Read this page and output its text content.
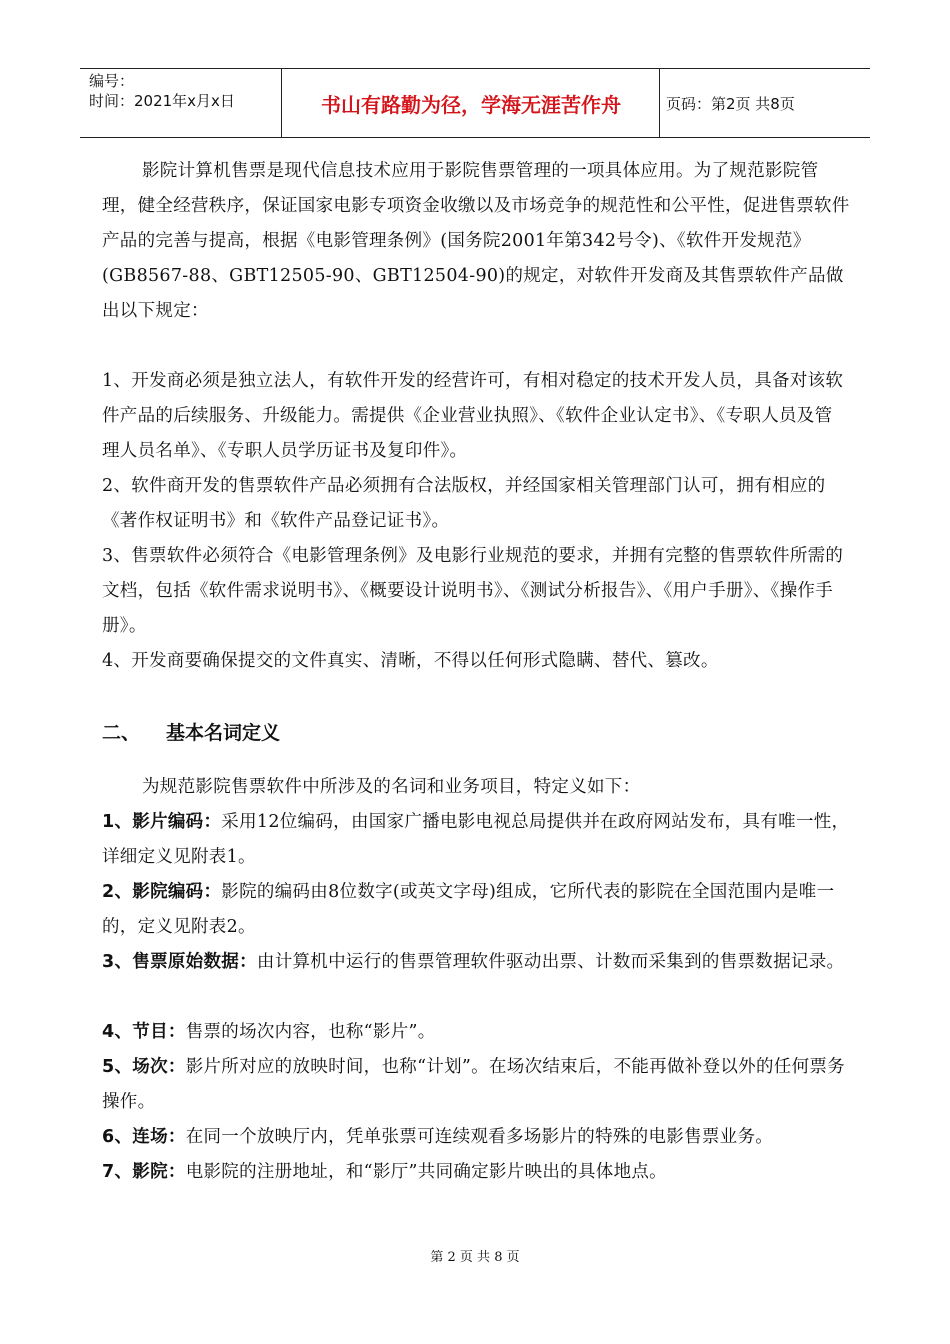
编号：
时间：2021年x月x日	书山有路勤为径，学海无涯苦作舟	页码：第2页 共8页

影院计算机售票是现代信息技术应用于影院售票管理的一项具体应用。为了规范影院管理，健全经营秩序，保证国家电影专项资金收缴以及市场竞争的规范性和公平性，促进售票软件产品的完善与提高，根据《电影管理条例》(国务院2001年第342号令)、《软件开发规范》(GB8567-88、GBT12505-90、GBT12504-90)的规定，对软件开发商及其售票软件产品做出以下规定：

1、开发商必须是独立法人，有软件开发的经营许可，有相对稳定的技术开发人员，具备对该软件产品的后续服务、升级能力。需提供《企业营业执照》、《软件企业认定书》、《专职人员及管理人员名单》、《专职人员学历证书及复印件》。

2、软件商开发的售票软件产品必须拥有合法版权，并经国家相关管理部门认可，拥有相应的《著作权证明书》和《软件产品登记证书》。

3、售票软件必须符合《电影管理条例》及电影行业规范的要求，并拥有完整的售票软件所需的文档，包括《软件需求说明书》、《概要设计说明书》、《测试分析报告》、《用户手册》、《操作手册》。

4、开发商要确保提交的文件真实、清晰，不得以任何形式隐瞒、替代、篡改。

二、 基本名词定义

为规范影院售票软件中所涉及的名词和业务项目，特定义如下：

1、影片编码：采用12位编码，由国家广播电影电视总局提供并在政府网站发布，具有唯一性，详细定义见附表1。

2、影院编码：影院的编码由8位数字(或英文字母)组成，它所代表的影院在全国范围内是唯一的，定义见附表2。

3、售票原始数据：由计算机中运行的售票管理软件驱动出票、计数而采集到的售票数据记录。

4、节目：售票的场次内容，也称“影片”。

5、场次：影片所对应的放映时间，也称“计划”。在场次结束后，不能再做补登以外的任何票务操作。

6、连场：在同一个放映厅内，凭单张票可连续观看多场影片的特殊的电影售票业务。

7、影院：电影院的注册地址，和“影厅”共同确定影片映出的具体地点。

第 2 页 共 8 页
